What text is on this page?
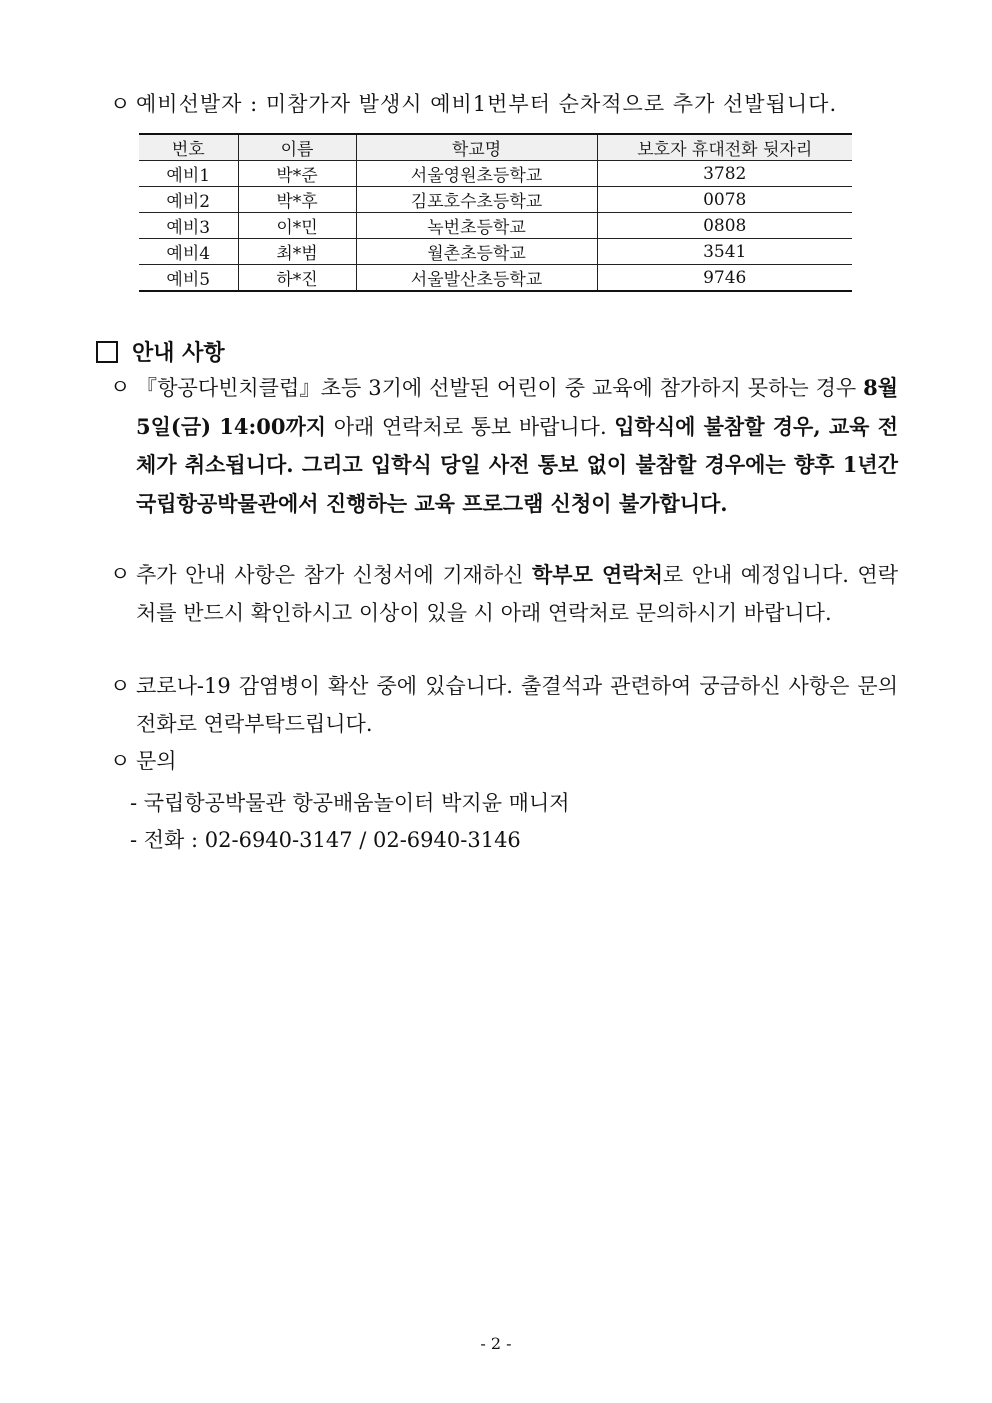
ㅇ 예비선발자 : 미참가자 발생시 예비1번부터 순차적으로 추가 선발됩니다.
번호	이름	학교명	보호자 휴대전화 뒷자리
예비1	박*준	서울영원초등학교	3782
예비2	박*후	김포호수초등학교	0078
예비3	이*민	녹번초등학교	0808
예비4	최*범	월촌초등학교	3541
예비5	하*진	서울발산초등학교	9746
안내 사항
ㅇ 『항공다빈치클럽』초등 3기에 선발된 어린이 중 교육에 참가하지 못하는 경우 8월 5일(금) 14:00까지 아래 연락처로 통보 바랍니다. 입학식에 불참할 경우, 교육 전체가 취소됩니다. 그리고 입학식 당일 사전 통보 없이 불참할 경우에는 향후 1년간 국립항공박물관에서 진행하는 교육 프로그램 신청이 불가합니다.
ㅇ 추가 안내 사항은 참가 신청서에 기재하신 학부모 연락처로 안내 예정입니다. 연락처를 반드시 확인하시고 이상이 있을 시 아래 연락처로 문의하시기 바랍니다.
ㅇ 코로나-19 감염병이 확산 중에 있습니다. 출결석과 관련하여 궁금하신 사항은 문의 전화로 연락부탁드립니다.
ㅇ 문의
- 국립항공박물관 항공배움놀이터 박지윤 매니저
- 전화 : 02-6940-3147 / 02-6940-3146
- 2 -
